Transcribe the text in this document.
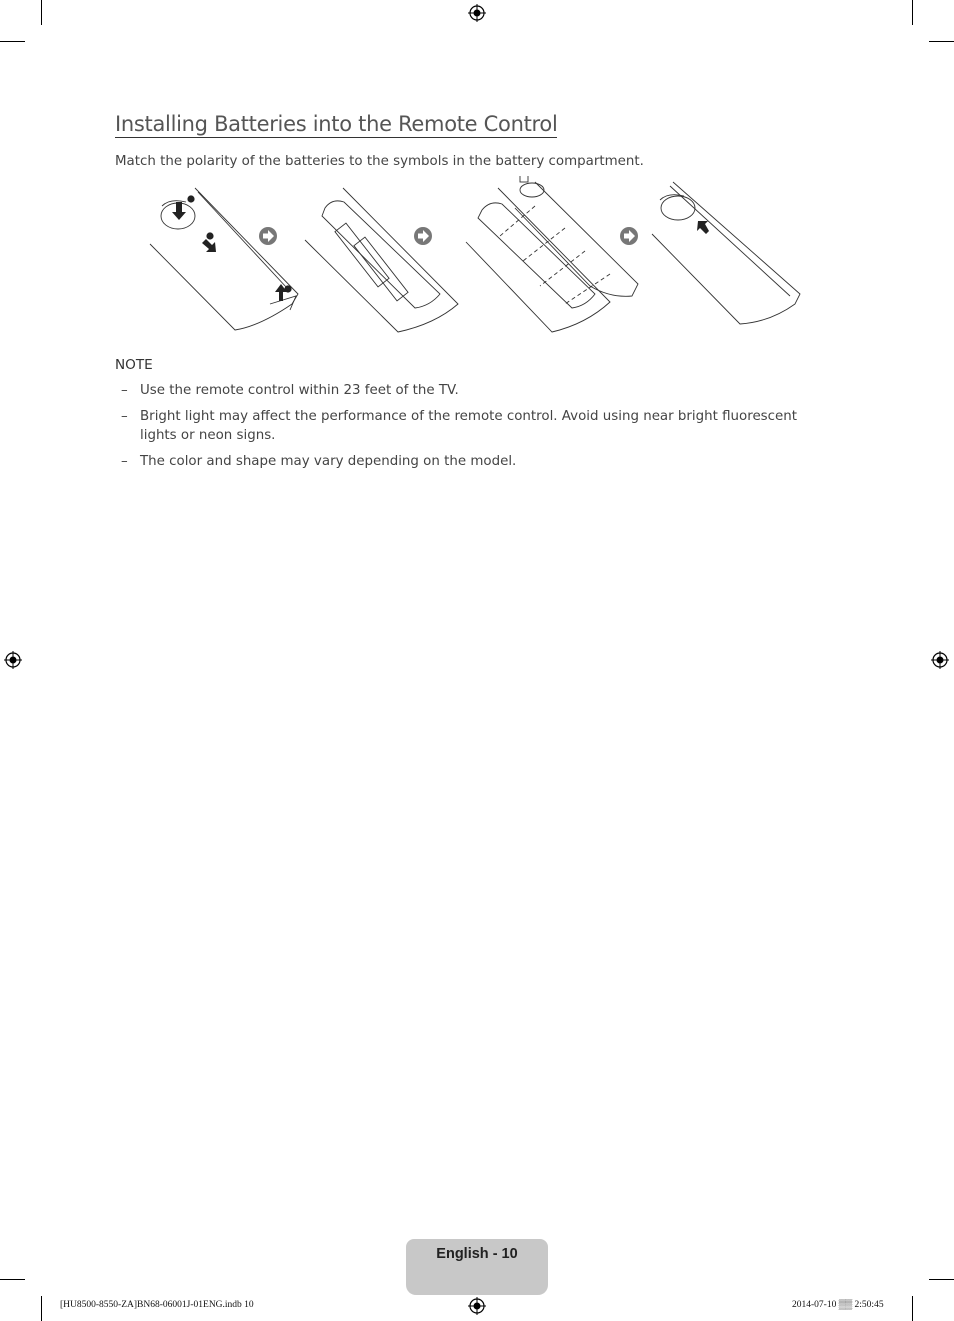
Installing Batteries into the Remote Control

Match the polarity of the batteries to the symbols in the battery compartment.

NOTE
– Use the remote control within 23 feet of the TV.
– Bright light may affect the performance of the remote control. Avoid using near bright fluorescent lights or neon signs.
– The color and shape may vary depending on the model.
English - 10
[HU8500-8550-ZA]BN68-06001J-01ENG.indb 10	2014-07-10 ▒▒ 2:50:45
